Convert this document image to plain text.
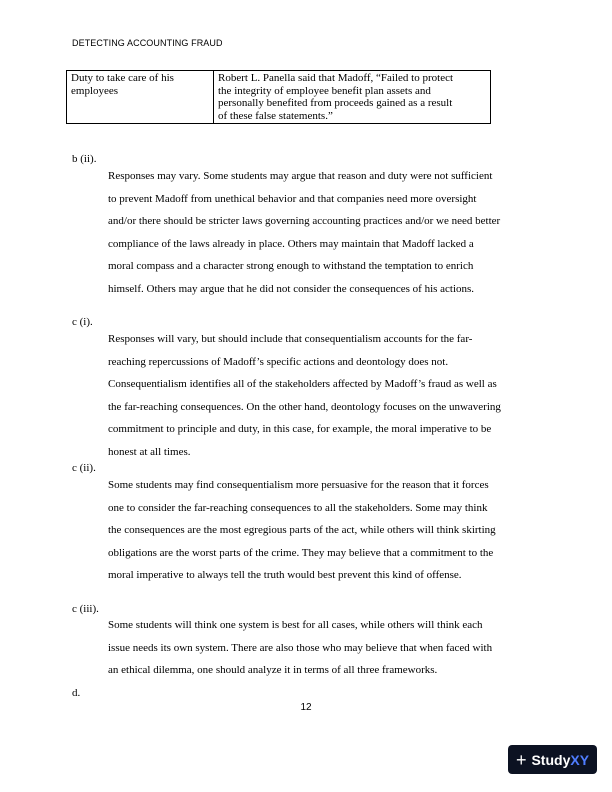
DETECTING ACCOUNTING FRAUD
Duty to take care of his
employees

Robert L. Panella said that Madoff, “Failed to protect
the integrity of employee benefit plan assets and
personally benefited from proceeds gained as a result
of these false statements.”
b (ii).
Responses may vary. Some students may argue that reason and duty were not sufficient
to prevent Madoff from unethical behavior and that companies need more oversight
and/or there should be stricter laws governing accounting practices and/or we need better
compliance of the laws already in place. Others may maintain that Madoff lacked a
moral compass and a character strong enough to withstand the temptation to enrich
himself. Others may argue that he did not consider the consequences of his actions.
c (i).
Responses will vary, but should include that consequentialism accounts for the far-
reaching repercussions of Madoff’s specific actions and deontology does not.
Consequentialism identifies all of the stakeholders affected by Madoff’s fraud as well as
the far-reaching consequences. On the other hand, deontology focuses on the unwavering
commitment to principle and duty, in this case, for example, the moral imperative to be
honest at all times.
c (ii).
Some students may find consequentialism more persuasive for the reason that it forces
one to consider the far-reaching consequences to all the stakeholders. Some may think
the consequences are the most egregious parts of the act, while others will think skirting
obligations are the worst parts of the crime. They may believe that a commitment to the
moral imperative to always tell the truth would best prevent this kind of offense.
c (iii).
Some students will think one system is best for all cases, while others will think each
issue needs its own system. There are also those who may believe that when faced with
an ethical dilemma, one should analyze it in terms of all three frameworks.
d.
12
+ Study XY
